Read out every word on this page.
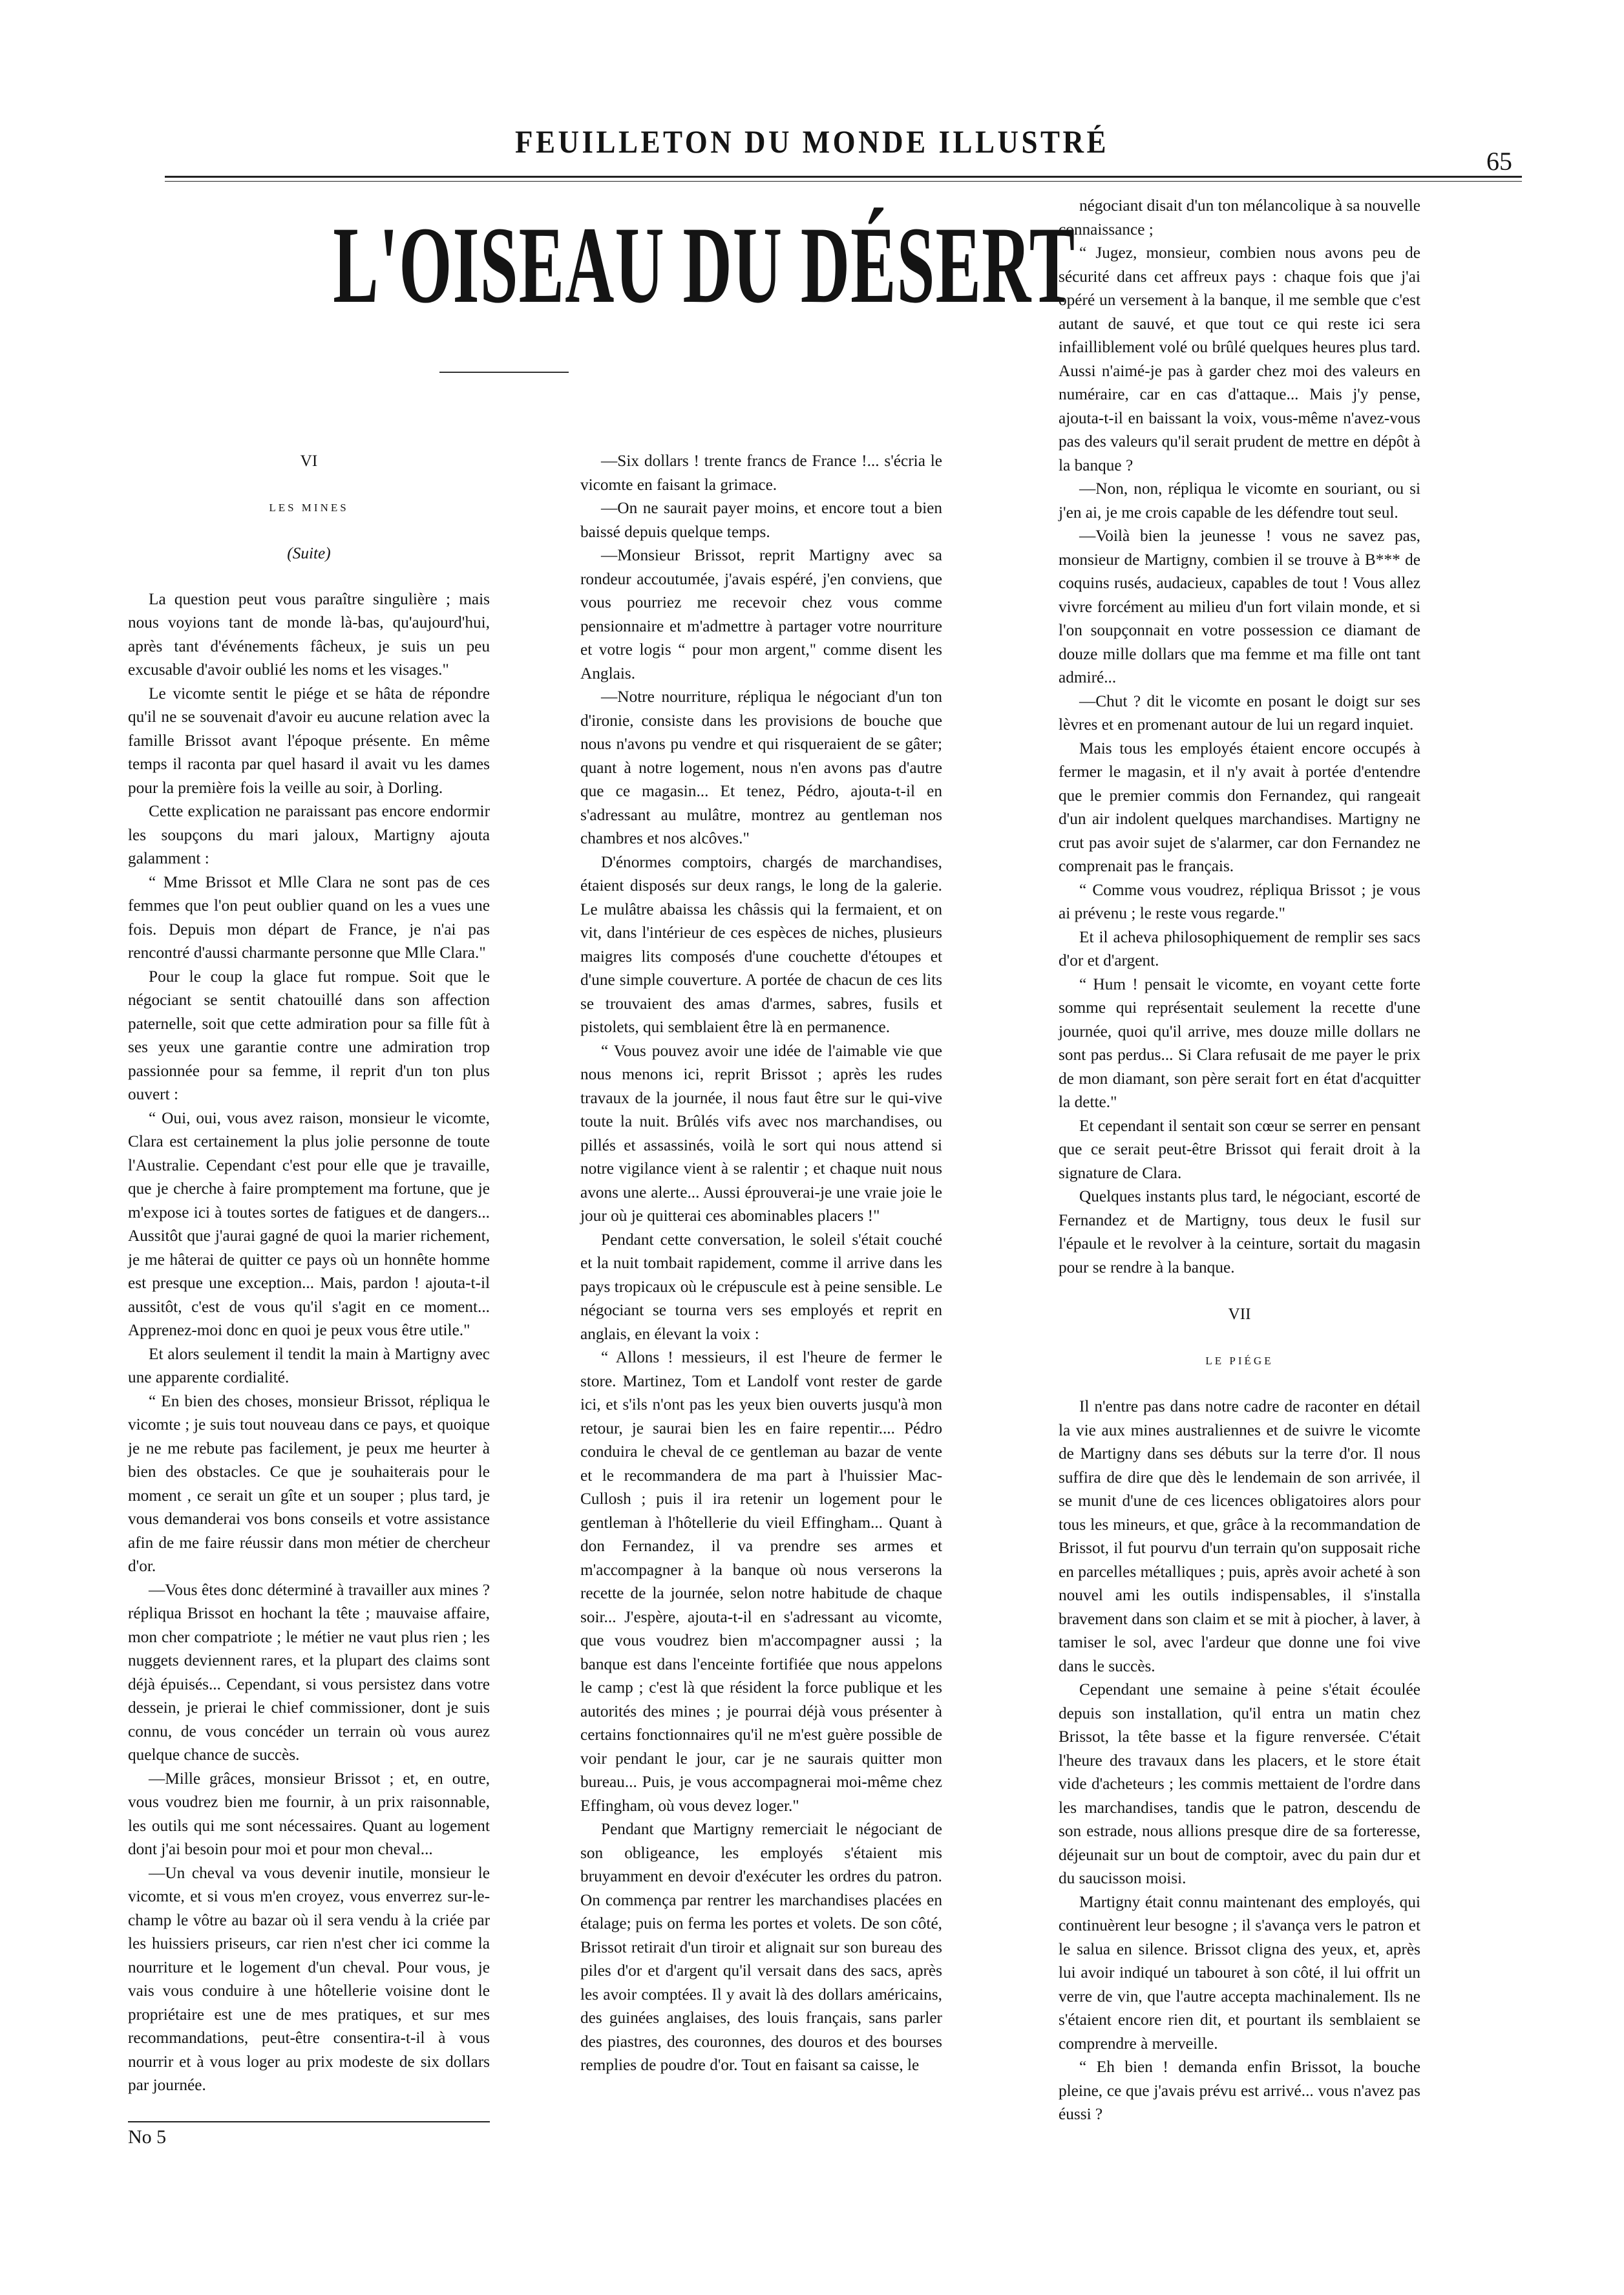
FEUILLETON DU MONDE ILLUSTRÉ
65
L'OISEAU DU DÉSERT

VI

LES MINES

(Suite)

La question peut vous paraître singulière ; mais nous voyions tant de monde là-bas, qu'aujourd'hui, après tant d'événements fâcheux, je suis un peu excusable d'avoir oublié les noms et les visages."

Le vicomte sentit le piége et se hâta de répondre qu'il ne se souvenait d'avoir eu aucune relation avec la famille Brissot avant l'époque présente. En même temps il raconta par quel hasard il avait vu les dames pour la première fois la veille au soir, à Dorling.

Cette explication ne paraissant pas encore endormir les soupçons du mari jaloux, Martigny ajouta galamment :

“ Mme Brissot et Mlle Clara ne sont pas de ces femmes que l'on peut oublier quand on les a vues une fois. Depuis mon départ de France, je n'ai pas rencontré d'aussi charmante personne que Mlle Clara."

Pour le coup la glace fut rompue. Soit que le négociant se sentit chatouillé dans son affection paternelle, soit que cette admiration pour sa fille fût à ses yeux une garantie contre une admiration trop passionnée pour sa femme, il reprit d'un ton plus ouvert :

“ Oui, oui, vous avez raison, monsieur le vicomte, Clara est certainement la plus jolie personne de toute l'Australie. Cependant c'est pour elle que je travaille, que je cherche à faire promptement ma fortune, que je m'expose ici à toutes sortes de fatigues et de dangers... Aussitôt que j'aurai gagné de quoi la marier richement, je me hâterai de quitter ce pays où un honnête homme est presque une exception... Mais, pardon ! ajouta-t-il aussitôt, c'est de vous qu'il s'agit en ce moment... Apprenez-moi donc en quoi je peux vous être utile."

Et alors seulement il tendit la main à Martigny avec une apparente cordialité.

“ En bien des choses, monsieur Brissot, répliqua le vicomte ; je suis tout nouveau dans ce pays, et quoique je ne me rebute pas facilement, je peux me heurter à bien des obstacles. Ce que je souhaiterais pour le moment , ce serait un gîte et un souper ; plus tard, je vous demanderai vos bons conseils et votre assistance afin de me faire réussir dans mon métier de chercheur d'or.

—Vous êtes donc déterminé à travailler aux mines ? répliqua Brissot en hochant la tête ; mauvaise affaire, mon cher compatriote ; le métier ne vaut plus rien ; les nuggets deviennent rares, et la plupart des claims sont déjà épuisés... Cependant, si vous persistez dans votre dessein, je prierai le chief commissioner, dont je suis connu, de vous concéder un terrain où vous aurez quelque chance de succès.

—Mille grâces, monsieur Brissot ; et, en outre, vous voudrez bien me fournir, à un prix raisonnable, les outils qui me sont nécessaires. Quant au logement dont j'ai besoin pour moi et pour mon cheval...

—Un cheval va vous devenir inutile, monsieur le vicomte, et si vous m'en croyez, vous enverrez sur-le-champ le vôtre au bazar où il sera vendu à la criée par les huissiers priseurs, car rien n'est cher ici comme la nourriture et le logement d'un cheval. Pour vous, je vais vous conduire à une hôtellerie voisine dont le propriétaire est une de mes pratiques, et sur mes recommandations, peut-être consentira-t-il à vous nourrir et à vous loger au prix modeste de six dollars par journée.

—Six dollars ! trente francs de France !... s'écria le vicomte en faisant la grimace.

—On ne saurait payer moins, et encore tout a bien baissé depuis quelque temps.

—Monsieur Brissot, reprit Martigny avec sa rondeur accoutumée, j'avais espéré, j'en conviens, que vous pourriez me recevoir chez vous comme pensionnaire et m'admettre à partager votre nourriture et votre logis “ pour mon argent," comme disent les Anglais.

—Notre nourriture, répliqua le négociant d'un ton d'ironie, consiste dans les provisions de bouche que nous n'avons pu vendre et qui risqueraient de se gâter; quant à notre logement, nous n'en avons pas d'autre que ce magasin... Et tenez, Pédro, ajouta-t-il en s'adressant au mulâtre, montrez au gentleman nos chambres et nos alcôves."

D'énormes comptoirs, chargés de marchandises, étaient disposés sur deux rangs, le long de la galerie. Le mulâtre abaissa les châssis qui la fermaient, et on vit, dans l'intérieur de ces espèces de niches, plusieurs maigres lits composés d'une couchette d'étoupes et d'une simple couverture. A portée de chacun de ces lits se trouvaient des amas d'armes, sabres, fusils et pistolets, qui semblaient être là en permanence.

“ Vous pouvez avoir une idée de l'aimable vie que nous menons ici, reprit Brissot ; après les rudes travaux de la journée, il nous faut être sur le qui-vive toute la nuit. Brûlés vifs avec nos marchandises, ou pillés et assassinés, voilà le sort qui nous attend si notre vigilance vient à se ralentir ; et chaque nuit nous avons une alerte... Aussi éprouverai-je une vraie joie le jour où je quitterai ces abominables placers !"

Pendant cette conversation, le soleil s'était couché et la nuit tombait rapidement, comme il arrive dans les pays tropicaux où le crépuscule est à peine sensible. Le négociant se tourna vers ses employés et reprit en anglais, en élevant la voix :

“ Allons ! messieurs, il est l'heure de fermer le store. Martinez, Tom et Landolf vont rester de garde ici, et s'ils n'ont pas les yeux bien ouverts jusqu'à mon retour, je saurai bien les en faire repentir.... Pédro conduira le cheval de ce gentleman au bazar de vente et le recommandera de ma part à l'huissier Mac-Cullosh ; puis il ira retenir un logement pour le gentleman à l'hôtellerie du vieil Effingham... Quant à don Fernandez, il va prendre ses armes et m'accompagner à la banque où nous verserons la recette de la journée, selon notre habitude de chaque soir... J'espère, ajouta-t-il en s'adressant au vicomte, que vous voudrez bien m'accompagner aussi ; la banque est dans l'enceinte fortifiée que nous appelons le camp ; c'est là que résident la force publique et les autorités des mines ; je pourrai déjà vous présenter à certains fonctionnaires qu'il ne m'est guère possible de voir pendant le jour, car je ne saurais quitter mon bureau... Puis, je vous accompagnerai moi-même chez Effingham, où vous devez loger."

Pendant que Martigny remerciait le négociant de son obligeance, les employés s'étaient mis bruyamment en devoir d'exécuter les ordres du patron. On commença par rentrer les marchandises placées en étalage; puis on ferma les portes et volets. De son côté, Brissot retirait d'un tiroir et alignait sur son bureau des piles d'or et d'argent qu'il versait dans des sacs, après les avoir comptées. Il y avait là des dollars américains, des guinées anglaises, des louis français, sans parler des piastres, des couronnes, des douros et des bourses remplies de poudre d'or. Tout en faisant sa caisse, le

négociant disait d'un ton mélancolique à sa nouvelle connaissance ;

“ Jugez, monsieur, combien nous avons peu de sécurité dans cet affreux pays : chaque fois que j'ai opéré un versement à la banque, il me semble que c'est autant de sauvé, et que tout ce qui reste ici sera infailliblement volé ou brûlé quelques heures plus tard. Aussi n'aimé-je pas à garder chez moi des valeurs en numéraire, car en cas d'attaque... Mais j'y pense, ajouta-t-il en baissant la voix, vous-même n'avez-vous pas des valeurs qu'il serait prudent de mettre en dépôt à la banque ?

—Non, non, répliqua le vicomte en souriant, ou si j'en ai, je me crois capable de les défendre tout seul.

—Voilà bien la jeunesse ! vous ne savez pas, monsieur de Martigny, combien il se trouve à B*** de coquins rusés, audacieux, capables de tout ! Vous allez vivre forcément au milieu d'un fort vilain monde, et si l'on soupçonnait en votre possession ce diamant de douze mille dollars que ma femme et ma fille ont tant admiré...

—Chut ? dit le vicomte en posant le doigt sur ses lèvres et en promenant autour de lui un regard inquiet.

Mais tous les employés étaient encore occupés à fermer le magasin, et il n'y avait à portée d'entendre que le premier commis don Fernandez, qui rangeait d'un air indolent quelques marchandises. Martigny ne crut pas avoir sujet de s'alarmer, car don Fernandez ne comprenait pas le français.

“ Comme vous voudrez, répliqua Brissot ; je vous ai prévenu ; le reste vous regarde."

Et il acheva philosophiquement de remplir ses sacs d'or et d'argent.

“ Hum ! pensait le vicomte, en voyant cette forte somme qui représentait seulement la recette d'une journée, quoi qu'il arrive, mes douze mille dollars ne sont pas perdus... Si Clara refusait de me payer le prix de mon diamant, son père serait fort en état d'acquitter la dette."

Et cependant il sentait son cœur se serrer en pensant que ce serait peut-être Brissot qui ferait droit à la signature de Clara.

Quelques instants plus tard, le négociant, escorté de Fernandez et de Martigny, tous deux le fusil sur l'épaule et le revolver à la ceinture, sortait du magasin pour se rendre à la banque.

VII

LE PIÉGE

Il n'entre pas dans notre cadre de raconter en détail la vie aux mines australiennes et de suivre le vicomte de Martigny dans ses débuts sur la terre d'or. Il nous suffira de dire que dès le lendemain de son arrivée, il se munit d'une de ces licences obligatoires alors pour tous les mineurs, et que, grâce à la recommandation de Brissot, il fut pourvu d'un terrain qu'on supposait riche en parcelles métalliques ; puis, après avoir acheté à son nouvel ami les outils indispensables, il s'installa bravement dans son claim et se mit à piocher, à laver, à tamiser le sol, avec l'ardeur que donne une foi vive dans le succès.

Cependant une semaine à peine s'était écoulée depuis son installation, qu'il entra un matin chez Brissot, la tête basse et la figure renversée. C'était l'heure des travaux dans les placers, et le store était vide d'acheteurs ; les commis mettaient de l'ordre dans les marchandises, tandis que le patron, descendu de son estrade, nous allions presque dire de sa forteresse, déjeunait sur un bout de comptoir, avec du pain dur et du saucisson moisi.

Martigny était connu maintenant des employés, qui continuèrent leur besogne ; il s'avança vers le patron et le salua en silence. Brissot cligna des yeux, et, après lui avoir indiqué un tabouret à son côté, il lui offrit un verre de vin, que l'autre accepta machinalement. Ils ne s'étaient encore rien dit, et pourtant ils semblaient se comprendre à merveille.

“ Eh bien ! demanda enfin Brissot, la bouche pleine, ce que j'avais prévu est arrivé... vous n'avez pas éussi ?

No 5
